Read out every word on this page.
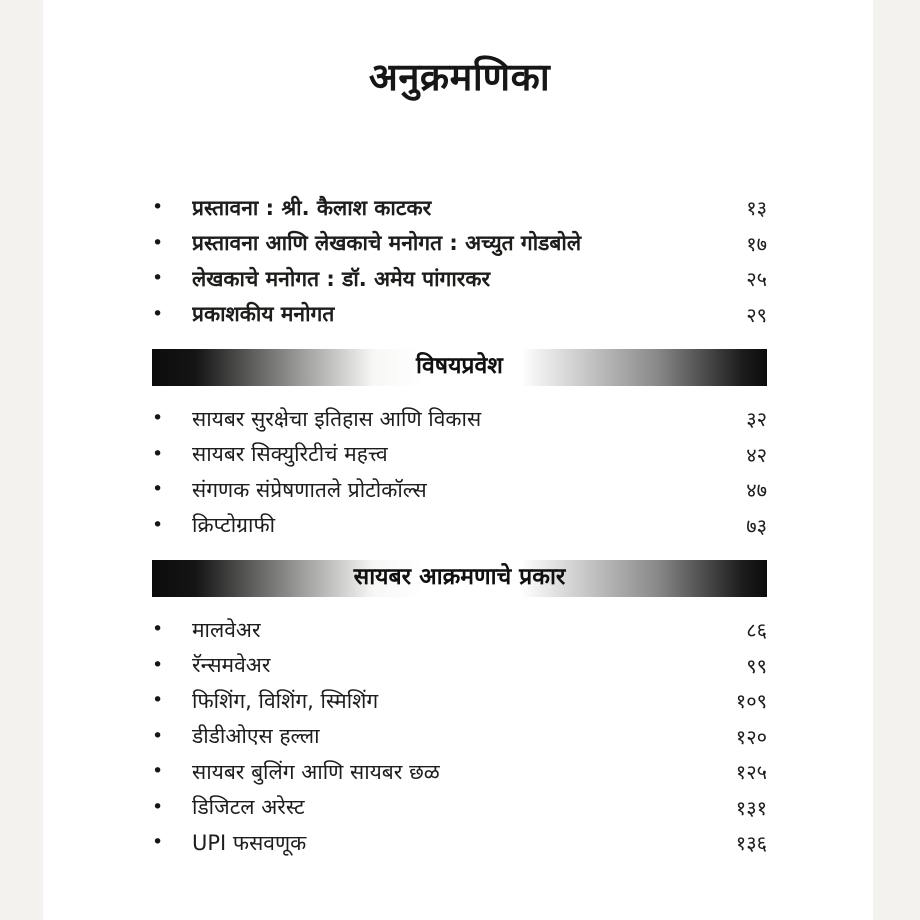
अनुक्रमणिका
•	प्रस्तावना : श्री. कैलाश काटकर	१३
•	प्रस्तावना आणि लेखकाचे मनोगत : अच्युत गोडबोले	१७
•	लेखकाचे मनोगत : डॉ. अमेय पांगारकर	२५
•	प्रकाशकीय मनोगत	२९
विषयप्रवेश
•	सायबर सुरक्षेचा इतिहास आणि विकास	३२
•	सायबर सिक्युरिटीचं महत्त्व	४२
•	संगणक संप्रेषणातले प्रोटोकॉल्स	४७
•	क्रिप्टोग्राफी	७३
सायबर आक्रमणाचे प्रकार
•	मालवेअर	८६
•	रॅन्समवेअर	९९
•	फिशिंग, विशिंग, स्मिशिंग	१०९
•	डीडीओएस हल्ला	१२०
•	सायबर बुलिंग आणि सायबर छळ	१२५
•	डिजिटल अरेस्ट	१३१
•	UPI फसवणूक	१३६
